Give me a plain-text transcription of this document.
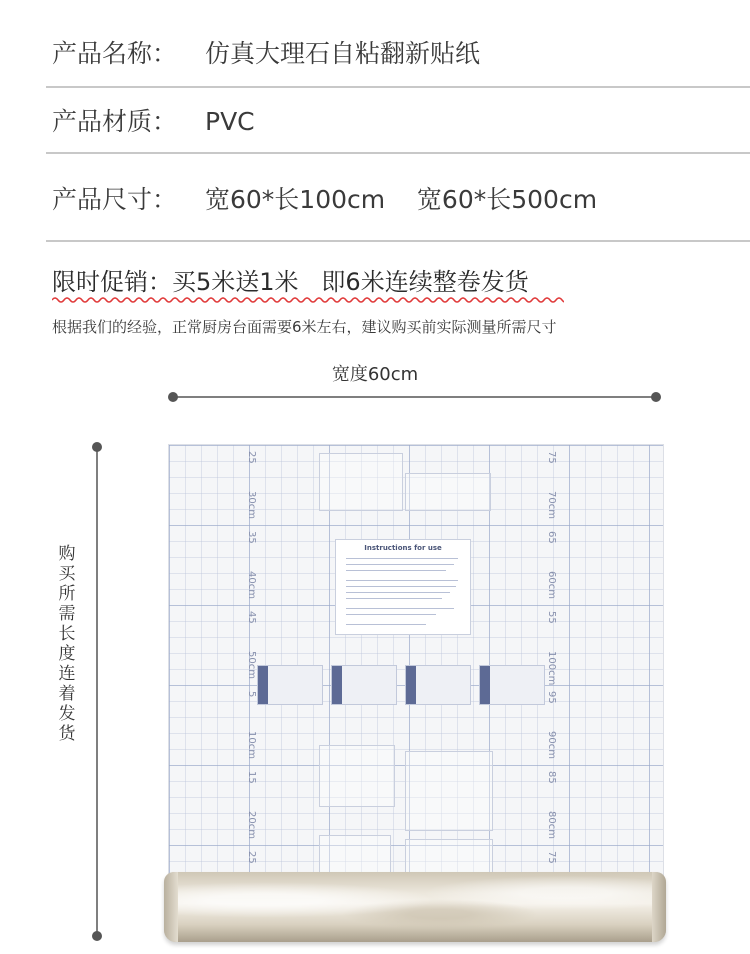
产品名称： 仿真大理石自粘翻新贴纸
产品材质： PVC
产品尺寸： 宽60*长100cm    宽60*长500cm
限时促销：买5米送1米   即6米连续整卷发货
根据我们的经验，正常厨房台面需要6米左右，建议购买前实际测量所需尺寸
宽度60cm
购买所需长度连着发货
25
30cm
35
40cm
45
50cm
5
10cm
15
20cm
25
75
70cm
65
60cm
55
100cm
95
90cm
85
80cm
75
Instructions for use
